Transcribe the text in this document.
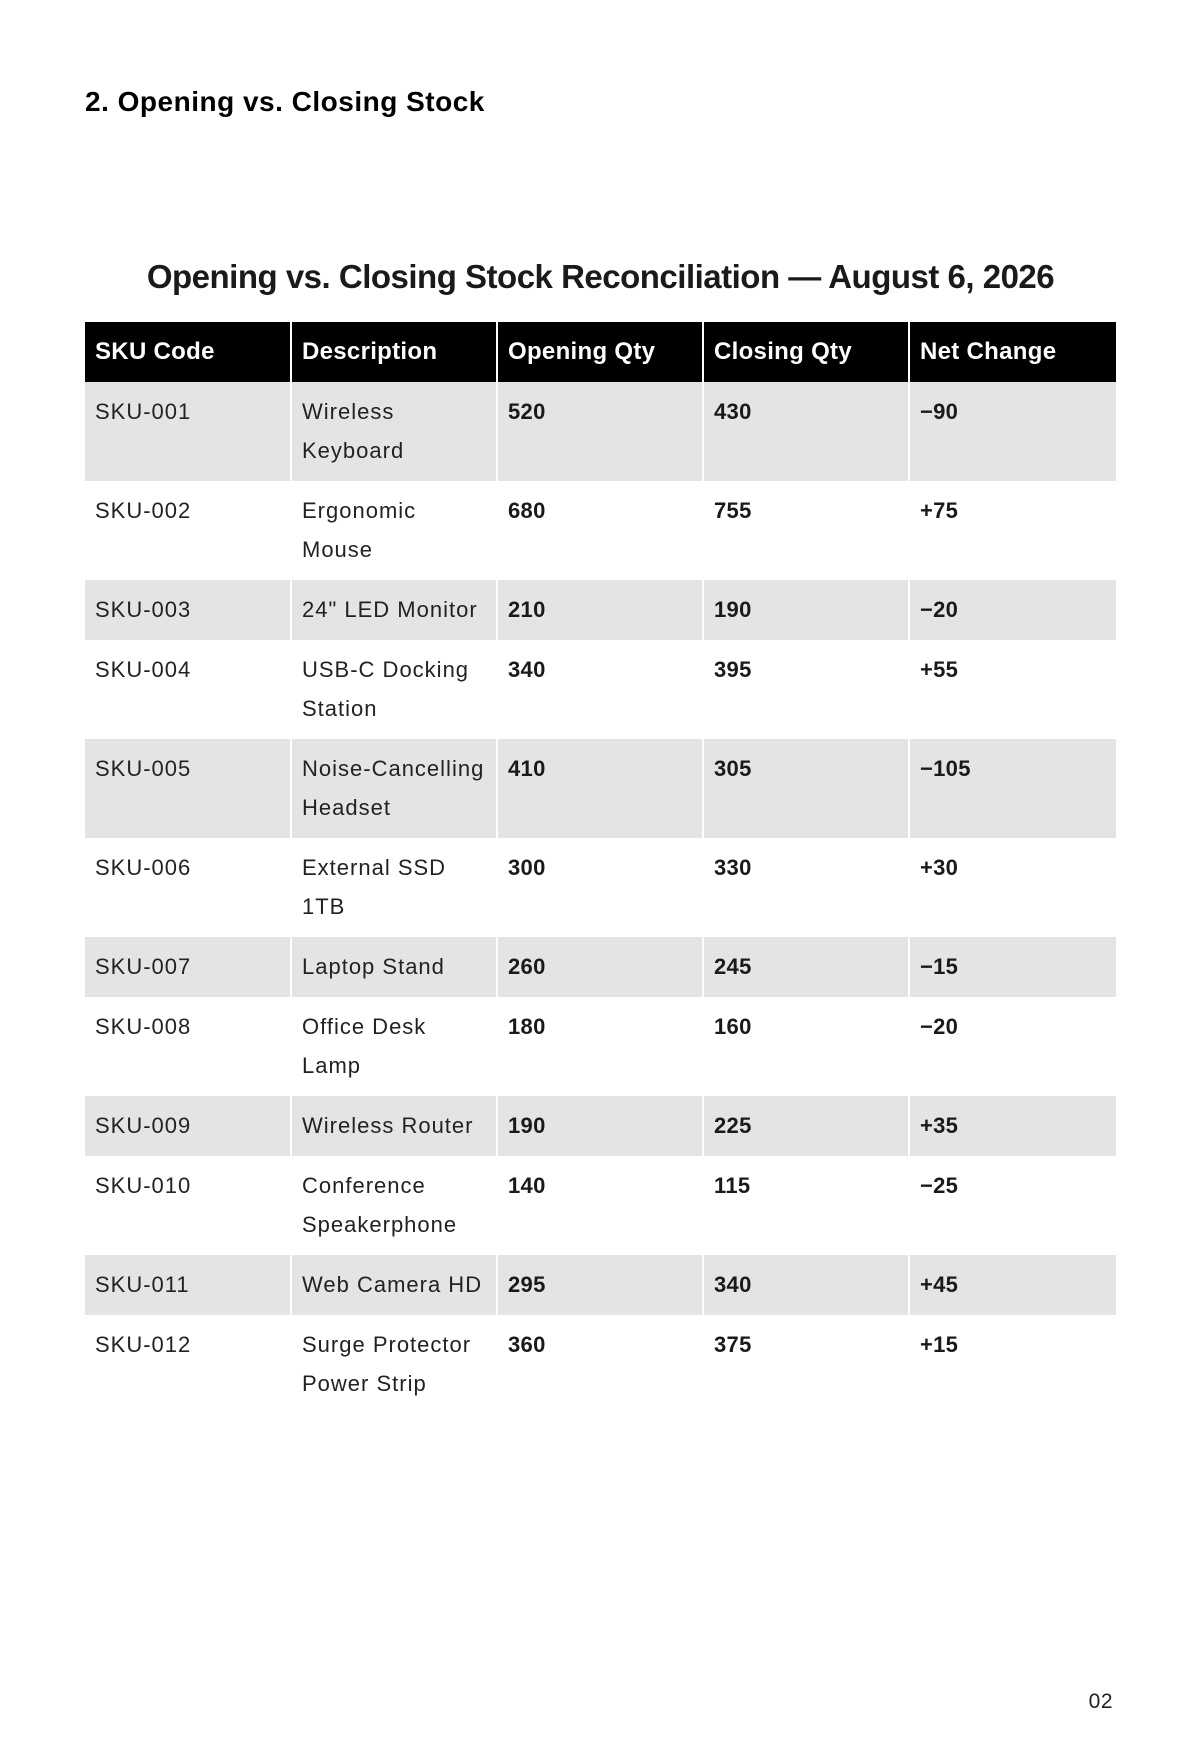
2. Opening vs. Closing Stock
Opening vs. Closing Stock Reconciliation — August 6, 2026
SKU Code	Description	Opening Qty	Closing Qty	Net Change
SKU-001	Wireless Keyboard	520	430	−90
SKU-002	Ergonomic Mouse	680	755	+75
SKU-003	24" LED Monitor	210	190	−20
SKU-004	USB-C Docking Station	340	395	+55
SKU-005	Noise-Cancelling Headset	410	305	−105
SKU-006	External SSD 1TB	300	330	+30
SKU-007	Laptop Stand	260	245	−15
SKU-008	Office Desk Lamp	180	160	−20
SKU-009	Wireless Router	190	225	+35
SKU-010	Conference Speakerphone	140	115	−25
SKU-011	Web Camera HD	295	340	+45
SKU-012	Surge Protector Power Strip	360	375	+15
02
